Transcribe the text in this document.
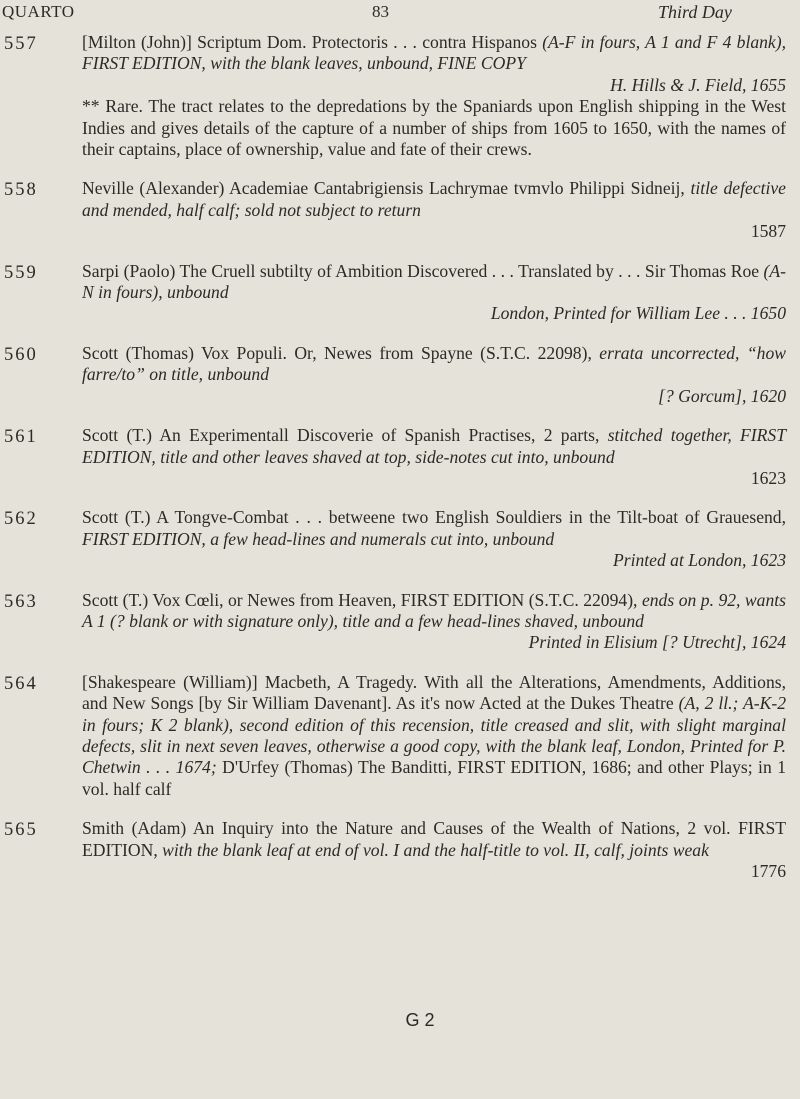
QUARTO	83	Third Day
557	[Milton (John)] Scriptum Dom. Protectoris . . . contra Hispanos (A-F in fours, A 1 and F 4 blank), FIRST EDITION, with the blank leaves, unbound, FINE COPY
H. Hills & J. Field, 1655
** Rare. The tract relates to the depredations by the Spaniards upon English shipping in the West Indies and gives details of the capture of a number of ships from 1605 to 1650, with the names of their captains, place of ownership, value and fate of their crews.
558	Neville (Alexander) Academiae Cantabrigiensis Lachrymae tvmvlo Philippi Sidneij, title defective and mended, half calf; sold not subject to return
1587
559	Sarpi (Paolo) The Cruell subtilty of Ambition Discovered . . . Translated by . . . Sir Thomas Roe (A-N in fours), unbound
London, Printed for William Lee . . . 1650
560	Scott (Thomas) Vox Populi. Or, Newes from Spayne (S.T.C. 22098), errata uncorrected, “how farre/to” on title, unbound
[? Gorcum], 1620
561	Scott (T.) An Experimentall Discoverie of Spanish Practises, 2 parts, stitched together, FIRST EDITION, title and other leaves shaved at top, side-notes cut into, unbound
1623
562	Scott (T.) A Tongve-Combat . . . betweene two English Souldiers in the Tilt-boat of Grauesend, FIRST EDITION, a few head-lines and numerals cut into, unbound
Printed at London, 1623
563	Scott (T.) Vox Cœli, or Newes from Heaven, FIRST EDITION (S.T.C. 22094), ends on p. 92, wants A 1 (? blank or with signature only), title and a few head-lines shaved, unbound
Printed in Elisium [? Utrecht], 1624
564	[Shakespeare (William)] Macbeth, A Tragedy. With all the Alterations, Amendments, Additions, and New Songs [by Sir William Davenant]. As it's now Acted at the Dukes Theatre (A, 2 ll.; A-K-2 in fours; K 2 blank), second edition of this recension, title creased and slit, with slight marginal defects, slit in next seven leaves, otherwise a good copy, with the blank leaf, London, Printed for P. Chetwin . . . 1674; D'Urfey (Thomas) The Banditti, FIRST EDITION, 1686; and other Plays; in 1 vol. half calf
565	Smith (Adam) An Inquiry into the Nature and Causes of the Wealth of Nations, 2 vol. FIRST EDITION, with the blank leaf at end of vol. I and the half-title to vol. II, calf, joints weak
1776
G 2
